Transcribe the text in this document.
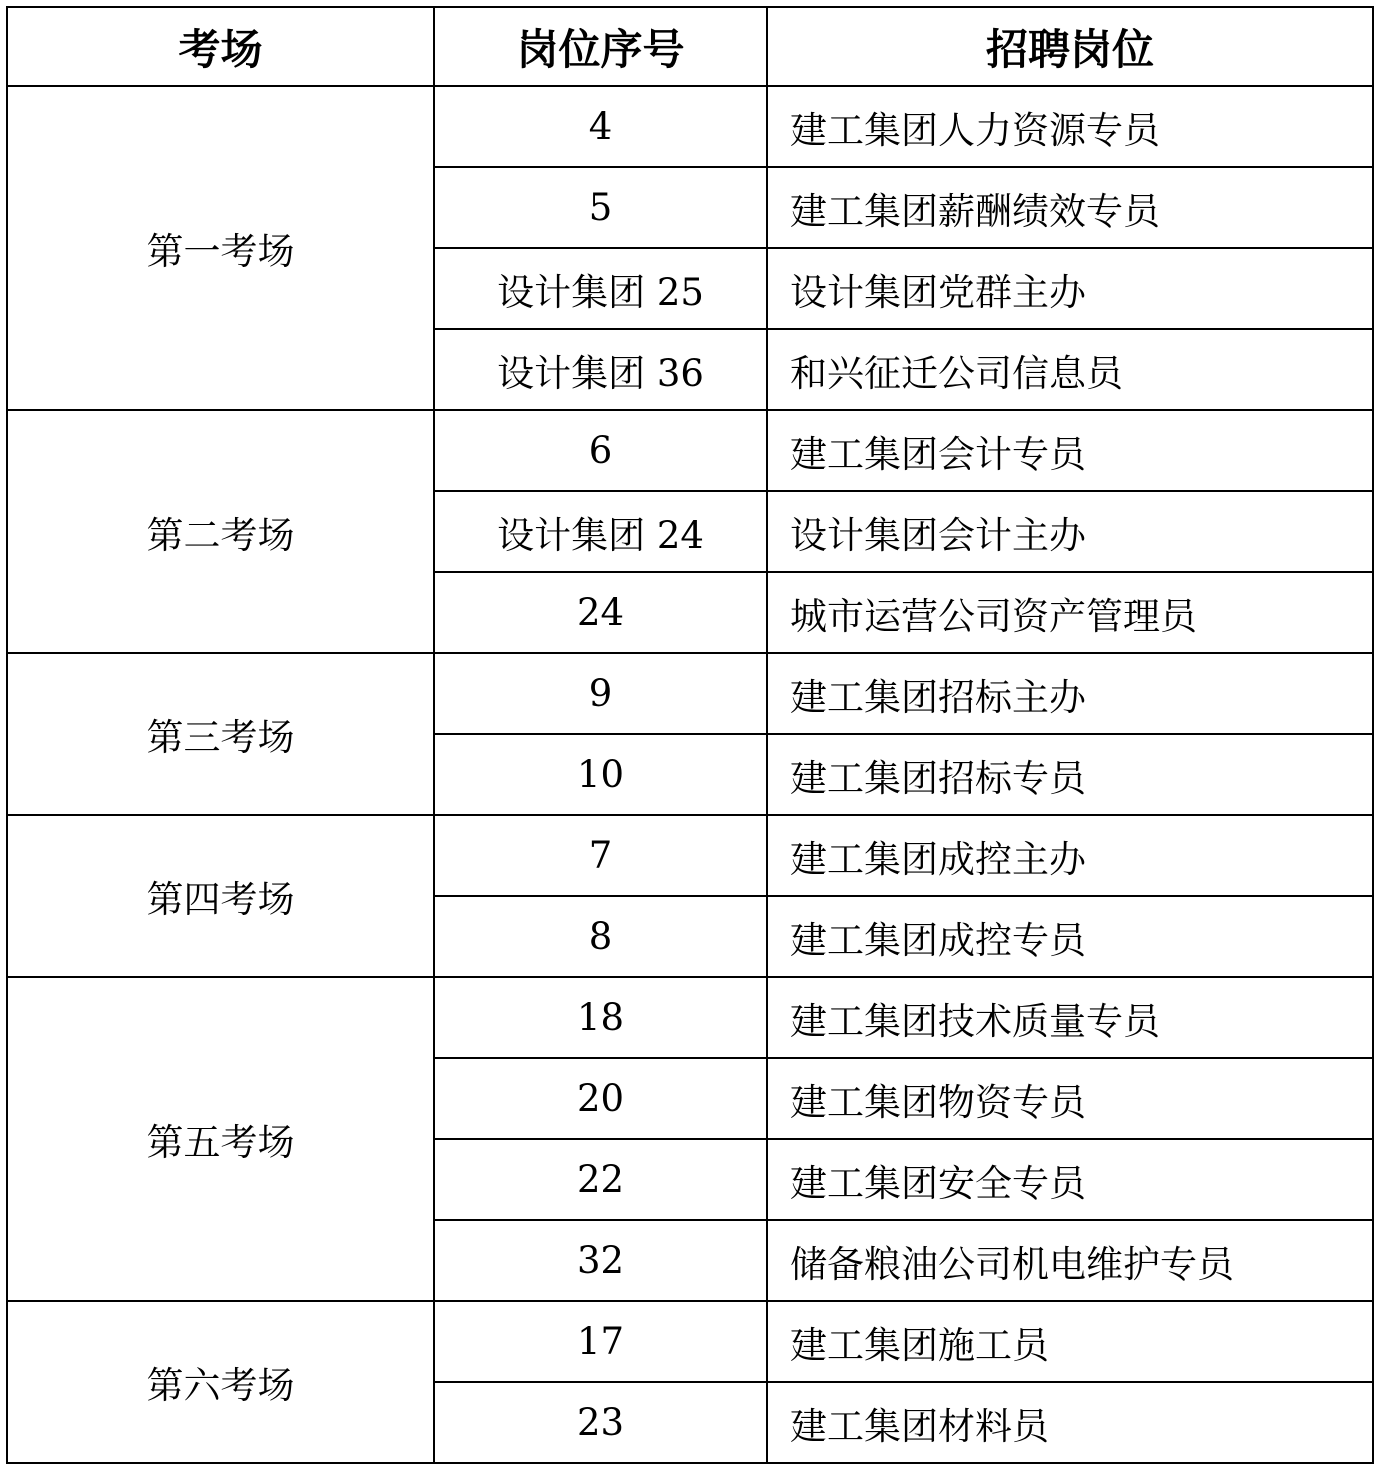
考场	岗位序号	招聘岗位
第一考场	4	建工集团人力资源专员
	5	建工集团薪酬绩效专员
	设计集团 25	设计集团党群主办
	设计集团 36	和兴征迁公司信息员
第二考场	6	建工集团会计专员
	设计集团 24	设计集团会计主办
	24	城市运营公司资产管理员
第三考场	9	建工集团招标主办
	10	建工集团招标专员
第四考场	7	建工集团成控主办
	8	建工集团成控专员
第五考场	18	建工集团技术质量专员
	20	建工集团物资专员
	22	建工集团安全专员
	32	储备粮油公司机电维护专员
第六考场	17	建工集团施工员
	23	建工集团材料员
